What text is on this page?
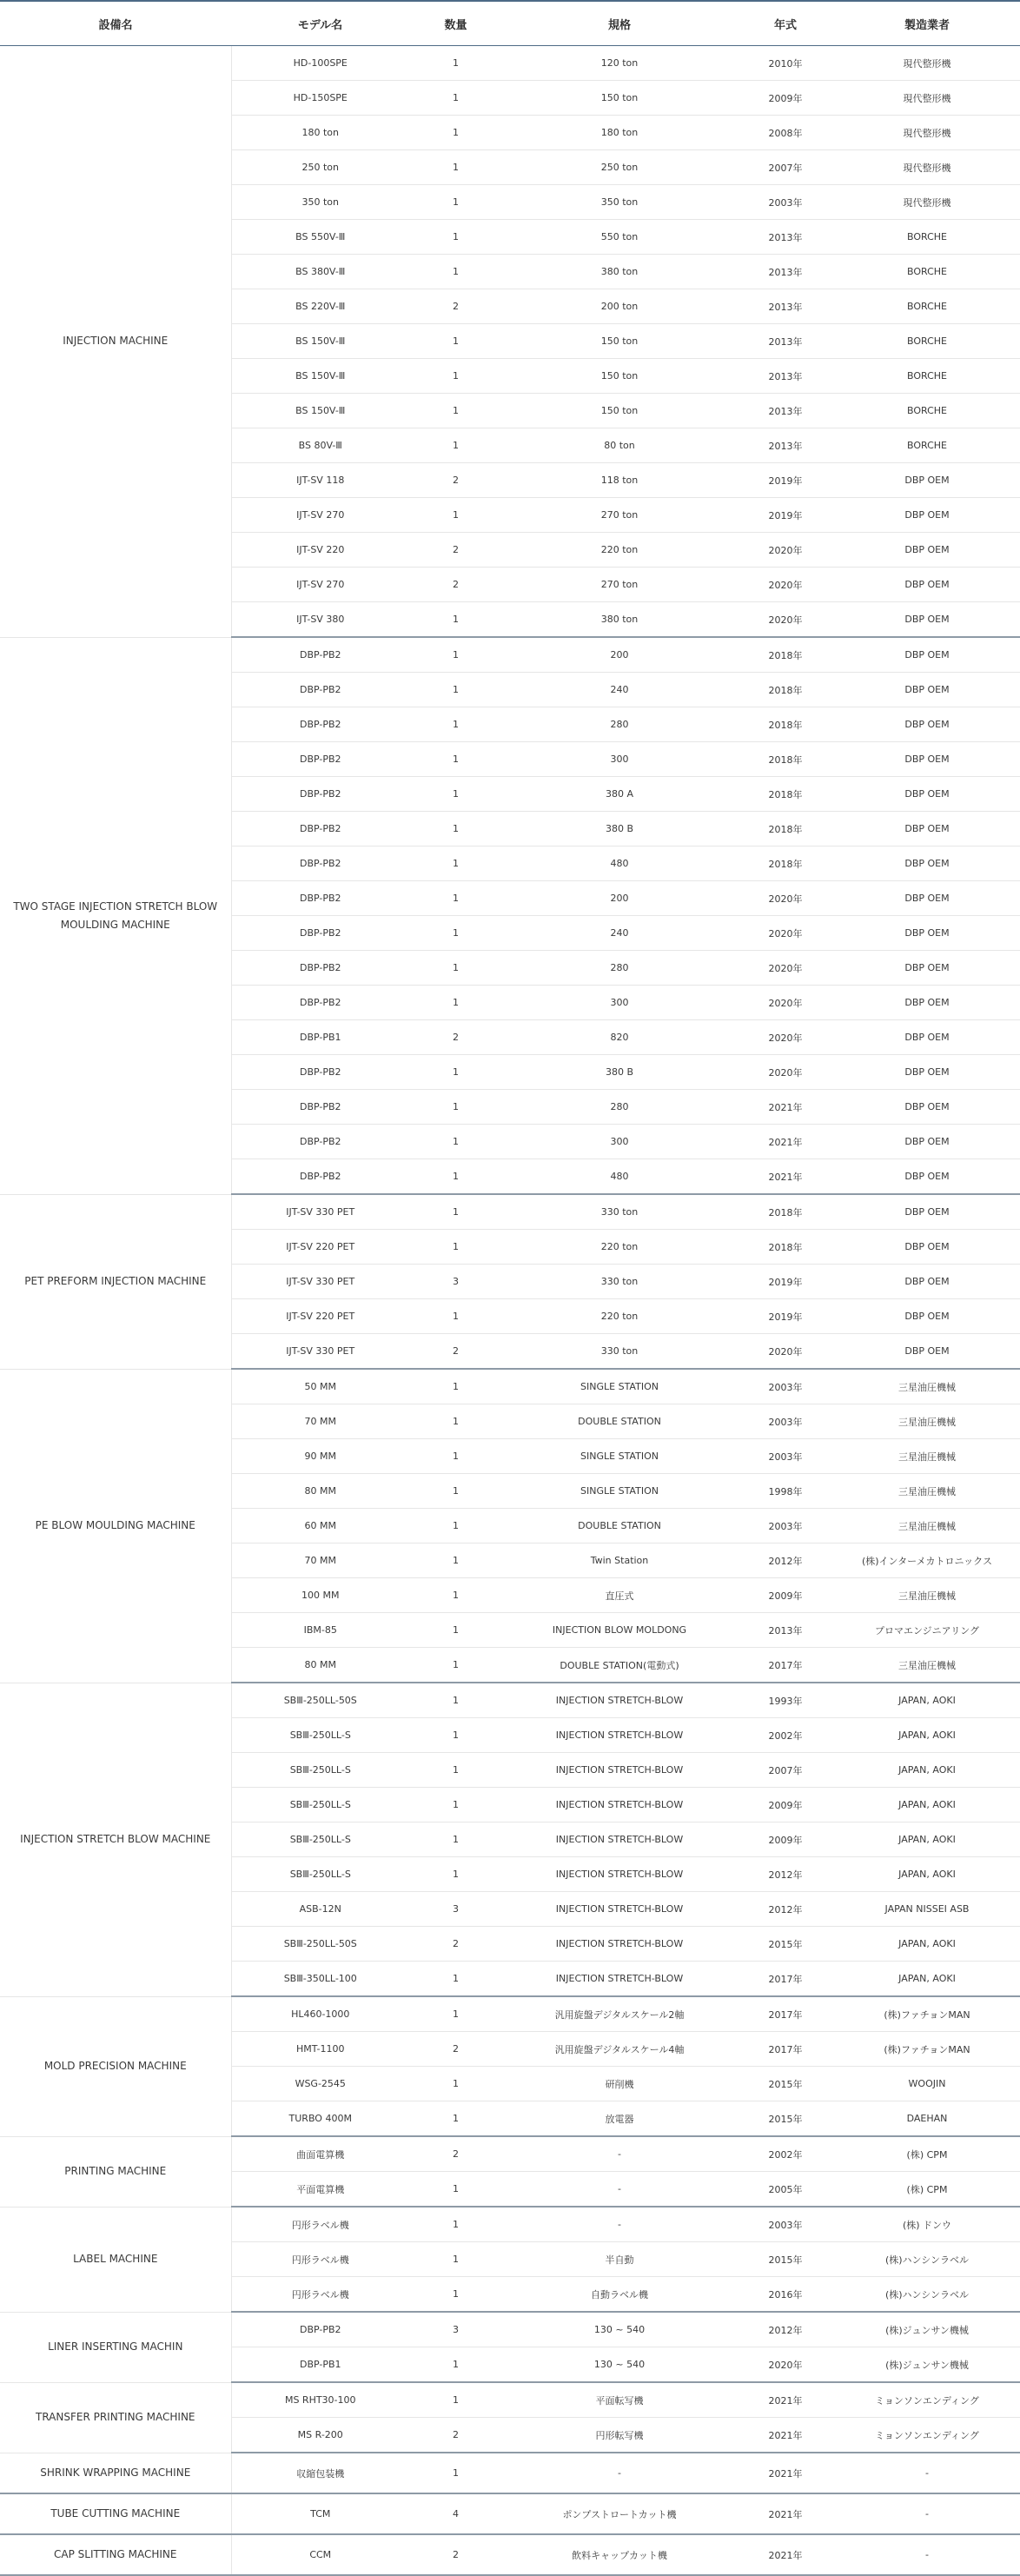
設備名	モデル名	数量	規格	年式	製造業者
INJECTION MACHINE	HD-100SPE	1	120 ton	2010年	現代整形機
	HD-150SPE	1	150 ton	2009年	現代整形機
	180 ton	1	180 ton	2008年	現代整形機
	250 ton	1	250 ton	2007年	現代整形機
	350 ton	1	350 ton	2003年	現代整形機
	BS 550V-Ⅲ	1	550 ton	2013年	BORCHE
	BS 380V-Ⅲ	1	380 ton	2013年	BORCHE
	BS 220V-Ⅲ	2	200 ton	2013年	BORCHE
	BS 150V-Ⅲ	1	150 ton	2013年	BORCHE
	BS 150V-Ⅲ	1	150 ton	2013年	BORCHE
	BS 150V-Ⅲ	1	150 ton	2013年	BORCHE
	BS 80V-Ⅲ	1	80 ton	2013年	BORCHE
	IJT-SV 118	2	118 ton	2019年	DBP OEM
	IJT-SV 270	1	270 ton	2019年	DBP OEM
	IJT-SV 220	2	220 ton	2020年	DBP OEM
	IJT-SV 270	2	270 ton	2020年	DBP OEM
	IJT-SV 380	1	380 ton	2020年	DBP OEM
TWO STAGE INJECTION STRETCH BLOW MOULDING MACHINE	DBP-PB2	1	200	2018年	DBP OEM
	DBP-PB2	1	240	2018年	DBP OEM
	DBP-PB2	1	280	2018年	DBP OEM
	DBP-PB2	1	300	2018年	DBP OEM
	DBP-PB2	1	380 A	2018年	DBP OEM
	DBP-PB2	1	380 B	2018年	DBP OEM
	DBP-PB2	1	480	2018年	DBP OEM
	DBP-PB2	1	200	2020年	DBP OEM
	DBP-PB2	1	240	2020年	DBP OEM
	DBP-PB2	1	280	2020年	DBP OEM
	DBP-PB2	1	300	2020年	DBP OEM
	DBP-PB1	2	820	2020年	DBP OEM
	DBP-PB2	1	380 B	2020年	DBP OEM
	DBP-PB2	1	280	2021年	DBP OEM
	DBP-PB2	1	300	2021年	DBP OEM
	DBP-PB2	1	480	2021年	DBP OEM
PET PREFORM INJECTION MACHINE	IJT-SV 330 PET	1	330 ton	2018年	DBP OEM
	IJT-SV 220 PET	1	220 ton	2018年	DBP OEM
	IJT-SV 330 PET	3	330 ton	2019年	DBP OEM
	IJT-SV 220 PET	1	220 ton	2019年	DBP OEM
	IJT-SV 330 PET	2	330 ton	2020年	DBP OEM
PE BLOW MOULDING MACHINE	50 MM	1	SINGLE STATION	2003年	三星油圧機械
	70 MM	1	DOUBLE STATION	2003年	三星油圧機械
	90 MM	1	SINGLE STATION	2003年	三星油圧機械
	80 MM	1	SINGLE STATION	1998年	三星油圧機械
	60 MM	1	DOUBLE STATION	2003年	三星油圧機械
	70 MM	1	Twin Station	2012年	(株)インターメカトロニックス
	100 MM	1	直圧式	2009年	三星油圧機械
	IBM-85	1	INJECTION BLOW MOLDONG	2013年	プロマエンジニアリング
	80 MM	1	DOUBLE STATION(電動式)	2017年	三星油圧機械
INJECTION STRETCH BLOW MACHINE	SBⅢ-250LL-50S	1	INJECTION STRETCH-BLOW	1993年	JAPAN, AOKI
	SBⅢ-250LL-S	1	INJECTION STRETCH-BLOW	2002年	JAPAN, AOKI
	SBⅢ-250LL-S	1	INJECTION STRETCH-BLOW	2007年	JAPAN, AOKI
	SBⅢ-250LL-S	1	INJECTION STRETCH-BLOW	2009年	JAPAN, AOKI
	SBⅢ-250LL-S	1	INJECTION STRETCH-BLOW	2009年	JAPAN, AOKI
	SBⅢ-250LL-S	1	INJECTION STRETCH-BLOW	2012年	JAPAN, AOKI
	ASB-12N	3	INJECTION STRETCH-BLOW	2012年	JAPAN NISSEI ASB
	SBⅢ-250LL-50S	2	INJECTION STRETCH-BLOW	2015年	JAPAN, AOKI
	SBⅢ-350LL-100	1	INJECTION STRETCH-BLOW	2017年	JAPAN, AOKI
MOLD PRECISION MACHINE	HL460-1000	1	汎用旋盤デジタルスケール2軸	2017年	(株)ファチョンMAN
	HMT-1100	2	汎用旋盤デジタルスケール4軸	2017年	(株)ファチョンMAN
	WSG-2545	1	研削機	2015年	WOOJIN
	TURBO 400M	1	放電器	2015年	DAEHAN
PRINTING MACHINE	曲面電算機	2	-	2002年	(株) CPM
	平面電算機	1	-	2005年	(株) CPM
LABEL MACHINE	円形ラベル機	1	-	2003年	(株) ドンウ
	円形ラベル機	1	半自動	2015年	(株)ハンシンラベル
	円形ラベル機	1	自動ラベル機	2016年	(株)ハンシンラベル
LINER INSERTING MACHIN	DBP-PB2	3	130 ~ 540	2012年	(株)ジュンサン機械
	DBP-PB1	1	130 ~ 540	2020年	(株)ジュンサン機械
TRANSFER PRINTING MACHINE	MS RHT30-100	1	平面転写機	2021年	ミョンソンエンディング
	MS R-200	2	円形転写機	2021年	ミョンソンエンディング
SHRINK WRAPPING MACHINE	収縮包装機	1	-	2021年	-
TUBE CUTTING MACHINE	TCM	4	ポンプストロートカット機	2021年	-
CAP SLITTING MACHINE	CCM	2	飲料キャップカット機	2021年	-
